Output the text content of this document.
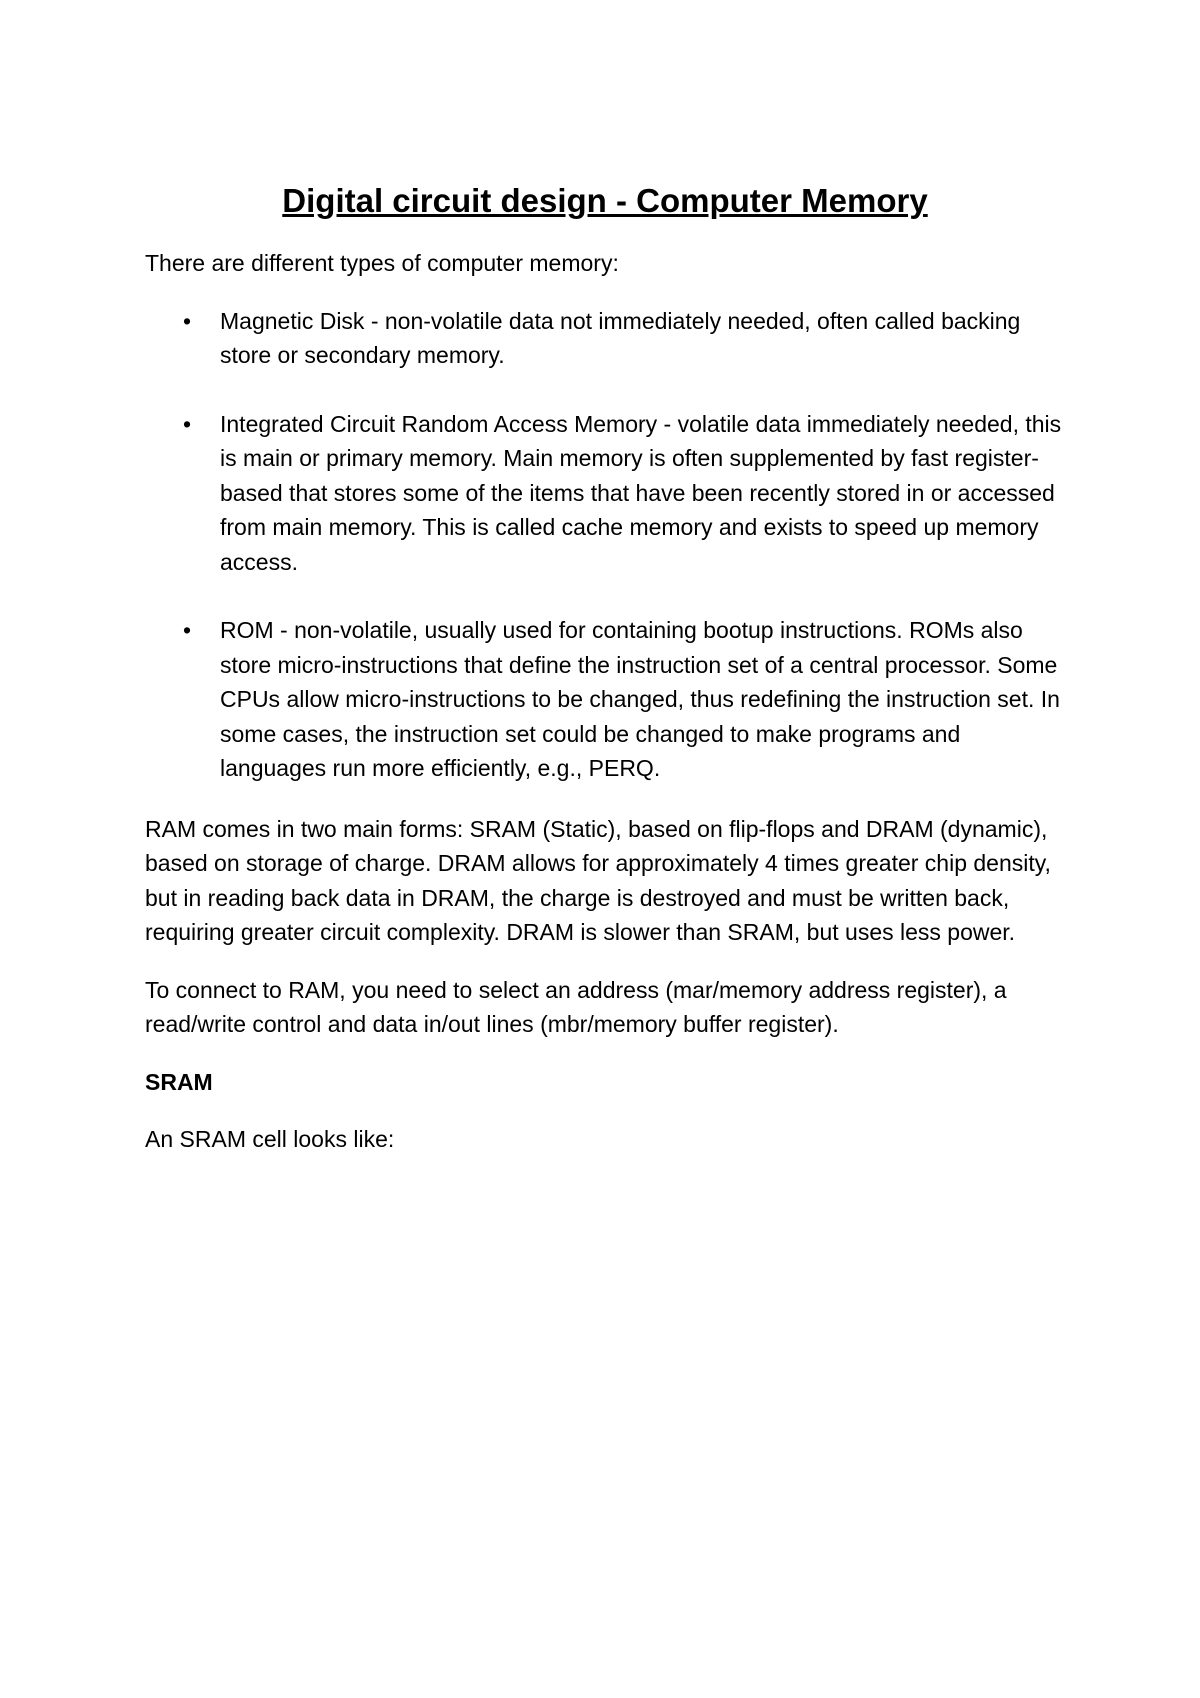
Digital circuit design - Computer Memory

There are different types of computer memory:

• Magnetic Disk - non-volatile data not immediately needed, often called backing store or secondary memory.
• Integrated Circuit Random Access Memory - volatile data immediately needed, this is main or primary memory. Main memory is often supplemented by fast register-based that stores some of the items that have been recently stored in or accessed from main memory. This is called cache memory and exists to speed up memory access.
• ROM - non-volatile, usually used for containing bootup instructions. ROMs also store micro-instructions that define the instruction set of a central processor. Some CPUs allow micro-instructions to be changed, thus redefining the instruction set. In some cases, the instruction set could be changed to make programs and languages run more efficiently, e.g., PERQ.

RAM comes in two main forms: SRAM (Static), based on flip-flops and DRAM (dynamic), based on storage of charge. DRAM allows for approximately 4 times greater chip density, but in reading back data in DRAM, the charge is destroyed and must be written back, requiring greater circuit complexity. DRAM is slower than SRAM, but uses less power.

To connect to RAM, you need to select an address (mar/memory address register), a read/write control and data in/out lines (mbr/memory buffer register).

SRAM

An SRAM cell looks like:
